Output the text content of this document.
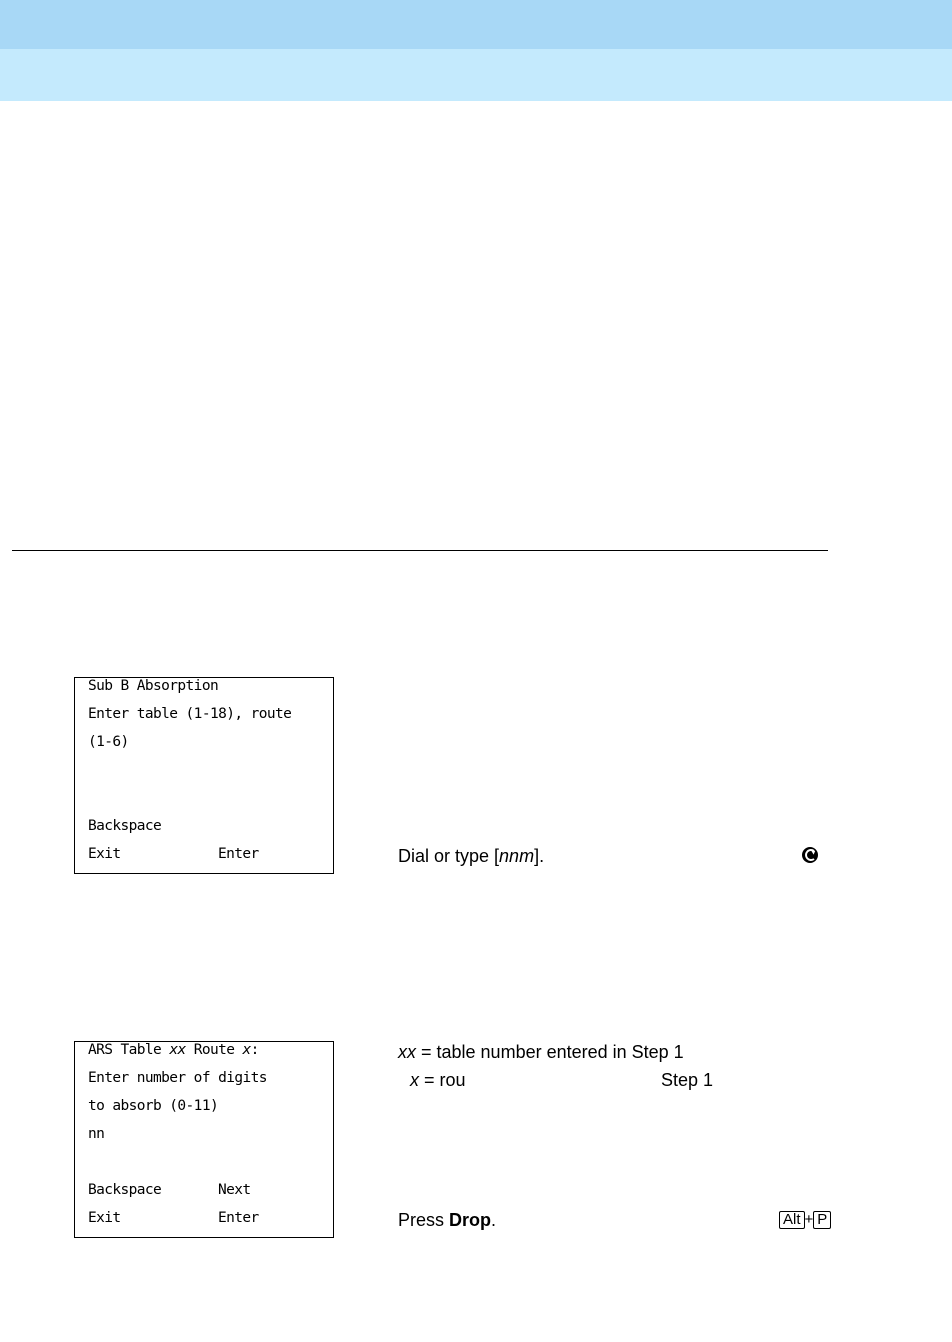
Sub B Absorption
Enter table (1-18), route
(1-6)
Backspace
Exit	Enter	Dial or type [nnm].
ARS Table xx Route x:
Enter number of digits
to absorb (0-11)
nn
Backspace	Next
Exit	Enter
xx = table number entered in Step 1
x = rou	Step 1
Press Drop.	Alt + P
